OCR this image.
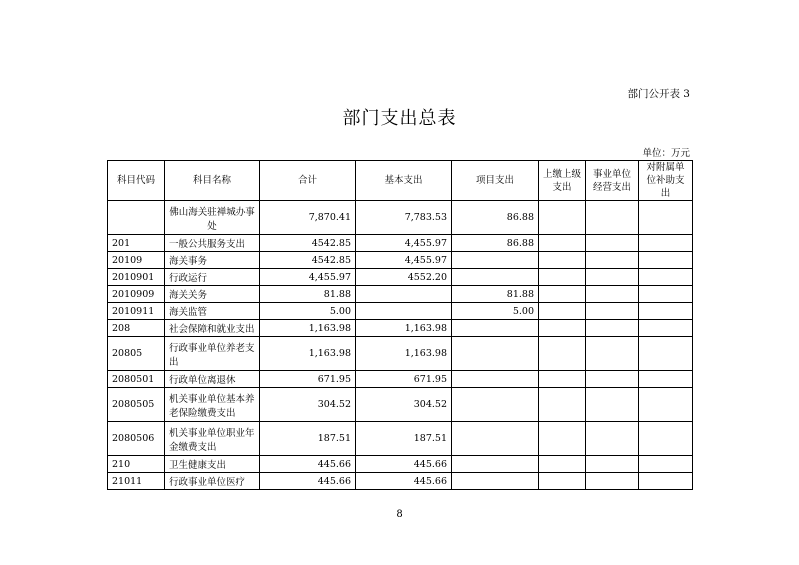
部门公开表 3
部门支出总表
单位：万元
科目代码	科目名称	合计	基本支出	项目支出	上缴上级支出	事业单位经营支出	对附属单位补助支出
	佛山海关驻禅城办事处	7,870.41	7,783.53	86.88			
201	一般公共服务支出	4542.85	4,455.97	86.88			
20109	海关事务	4542.85	4,455.97				
2010901	行政运行	4,455.97	4552.20				
2010909	海关关务	81.88		81.88			
2010911	海关监管	5.00		5.00			
208	社会保障和就业支出	1,163.98	1,163.98				
20805	行政事业单位养老支出	1,163.98	1,163.98				
2080501	行政单位离退休	671.95	671.95				
2080505	机关事业单位基本养老保险缴费支出	304.52	304.52				
2080506	机关事业单位职业年金缴费支出	187.51	187.51				
210	卫生健康支出	445.66	445.66				
21011	行政事业单位医疗	445.66	445.66				
8
